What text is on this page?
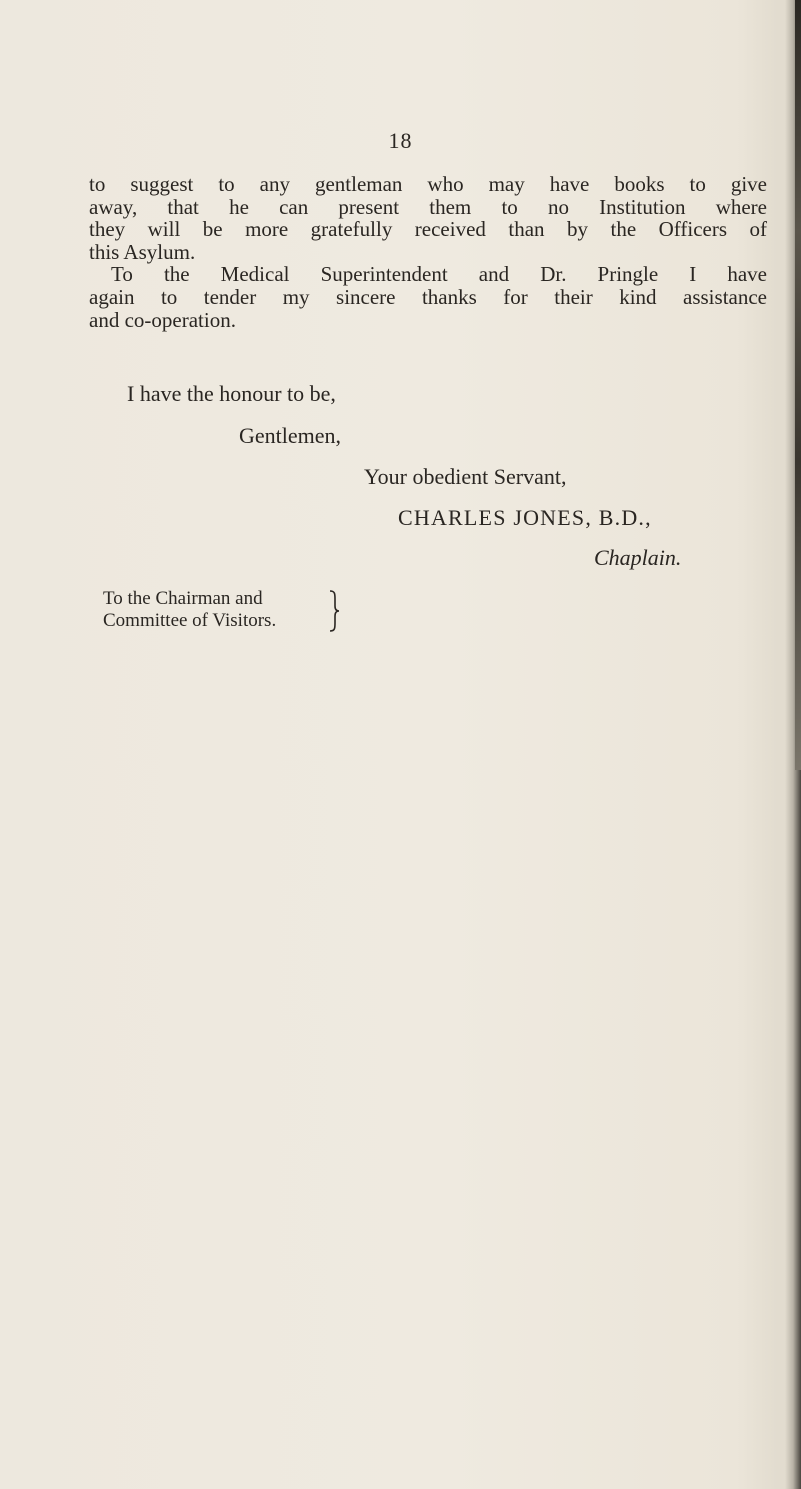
18
to suggest to any gentleman who may have books to give
away, that he can present them to no Institution where
they will be more gratefully received than by the Officers of
this Asylum.
To the Medical Superintendent and Dr. Pringle I have
again to tender my sincere thanks for their kind assistance
and co-operation.
I have the honour to be,
Gentlemen,
Your obedient Servant,
CHARLES JONES, B.D.,
Chaplain.
To the Chairman and
Committee of Visitors.
